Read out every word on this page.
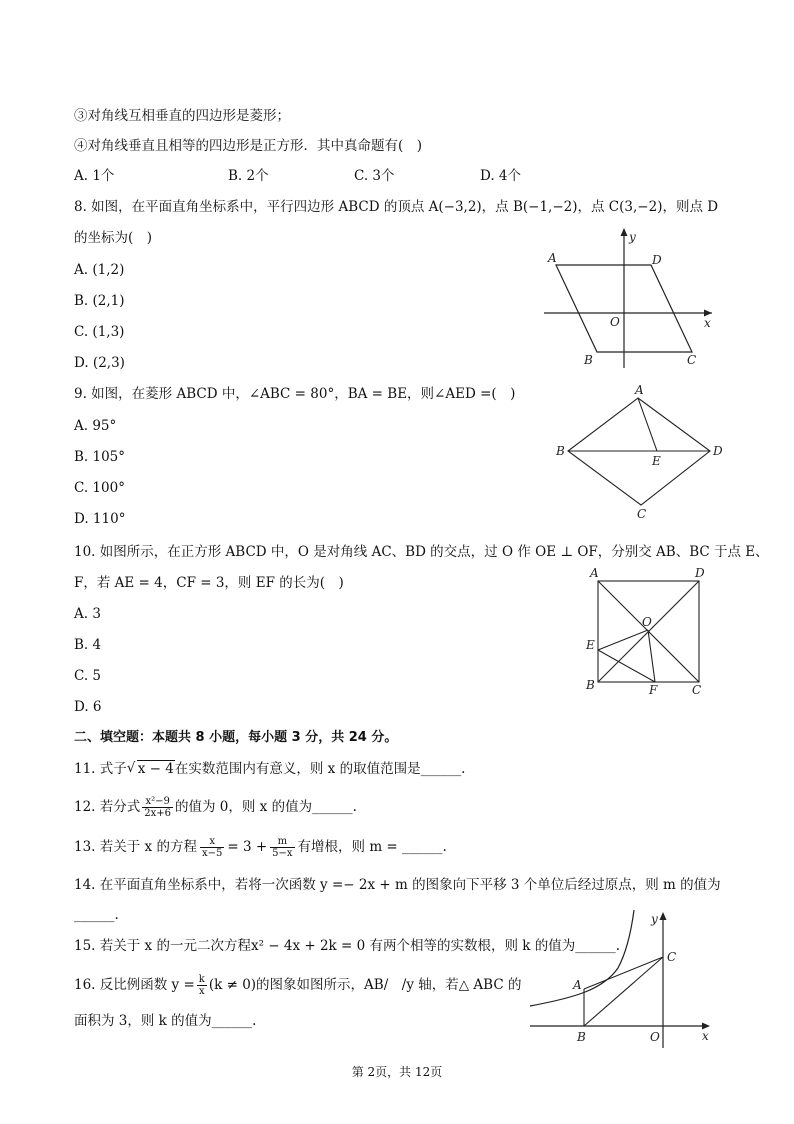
③对角线互相垂直的四边形是菱形；
④对角线垂直且相等的四边形是正方形．其中真命题有(　)
A. 1个	B. 2个	C. 3个	D. 4个
8. 如图，在平面直角坐标系中，平行四边形 ABCD 的顶点 A(−3,2)，点 B(−1,−2)，点 C(3,−2)，则点 D
的坐标为(　)
A. (1,2)
B. (2,1)
C. (1,3)
D. (2,3)
y
x
O
A	D
B	C
9. 如图，在菱形 ABCD 中，∠ABC = 80°，BA = BE，则∠AED =(　)
A. 95°
B. 105°
C. 100°
D. 110°
A
B	D
E
C
10. 如图所示，在正方形 ABCD 中，O 是对角线 AC、BD 的交点，过 O 作 OE ⊥ OF，分别交 AB、BC 于点 E、
F，若 AE = 4，CF = 3，则 EF 的长为(　)
A. 3
B. 4
C. 5
D. 6
A	D
O
E
B	F	C
二、填空题：本题共 8 小题，每小题 3 分，共 24 分。
11. 式子 √ x − 4在实数范围内有意义，则 x 的取值范围是______.
12. 若分式 $\frac{\text{x²−9}}{2x+6}$ 的值为 0，则 x 的值为______.
13. 若关于 x 的方程 $\frac{x}{x-5} = 3 + \frac{m}{5-x}$ 有增根，则 m = ______.
14. 在平面直角坐标系中，若将一次函数 y =− 2x + m 的图象向下平移 3 个单位后经过原点，则 m 的值为
______.
15. 若关于 x 的一元二次方程x² − 4x + 2k = 0 有两个相等的实数根，则 k 的值为______.
16. 反比例函数 $y = \frac{k}{x} (k \ne 0)$的图象如图所示，AB/　/y 轴，若△ ABC 的
面积为 3，则 k 的值为______.
y
C
A
B	O	x
第 2页，共 12页
